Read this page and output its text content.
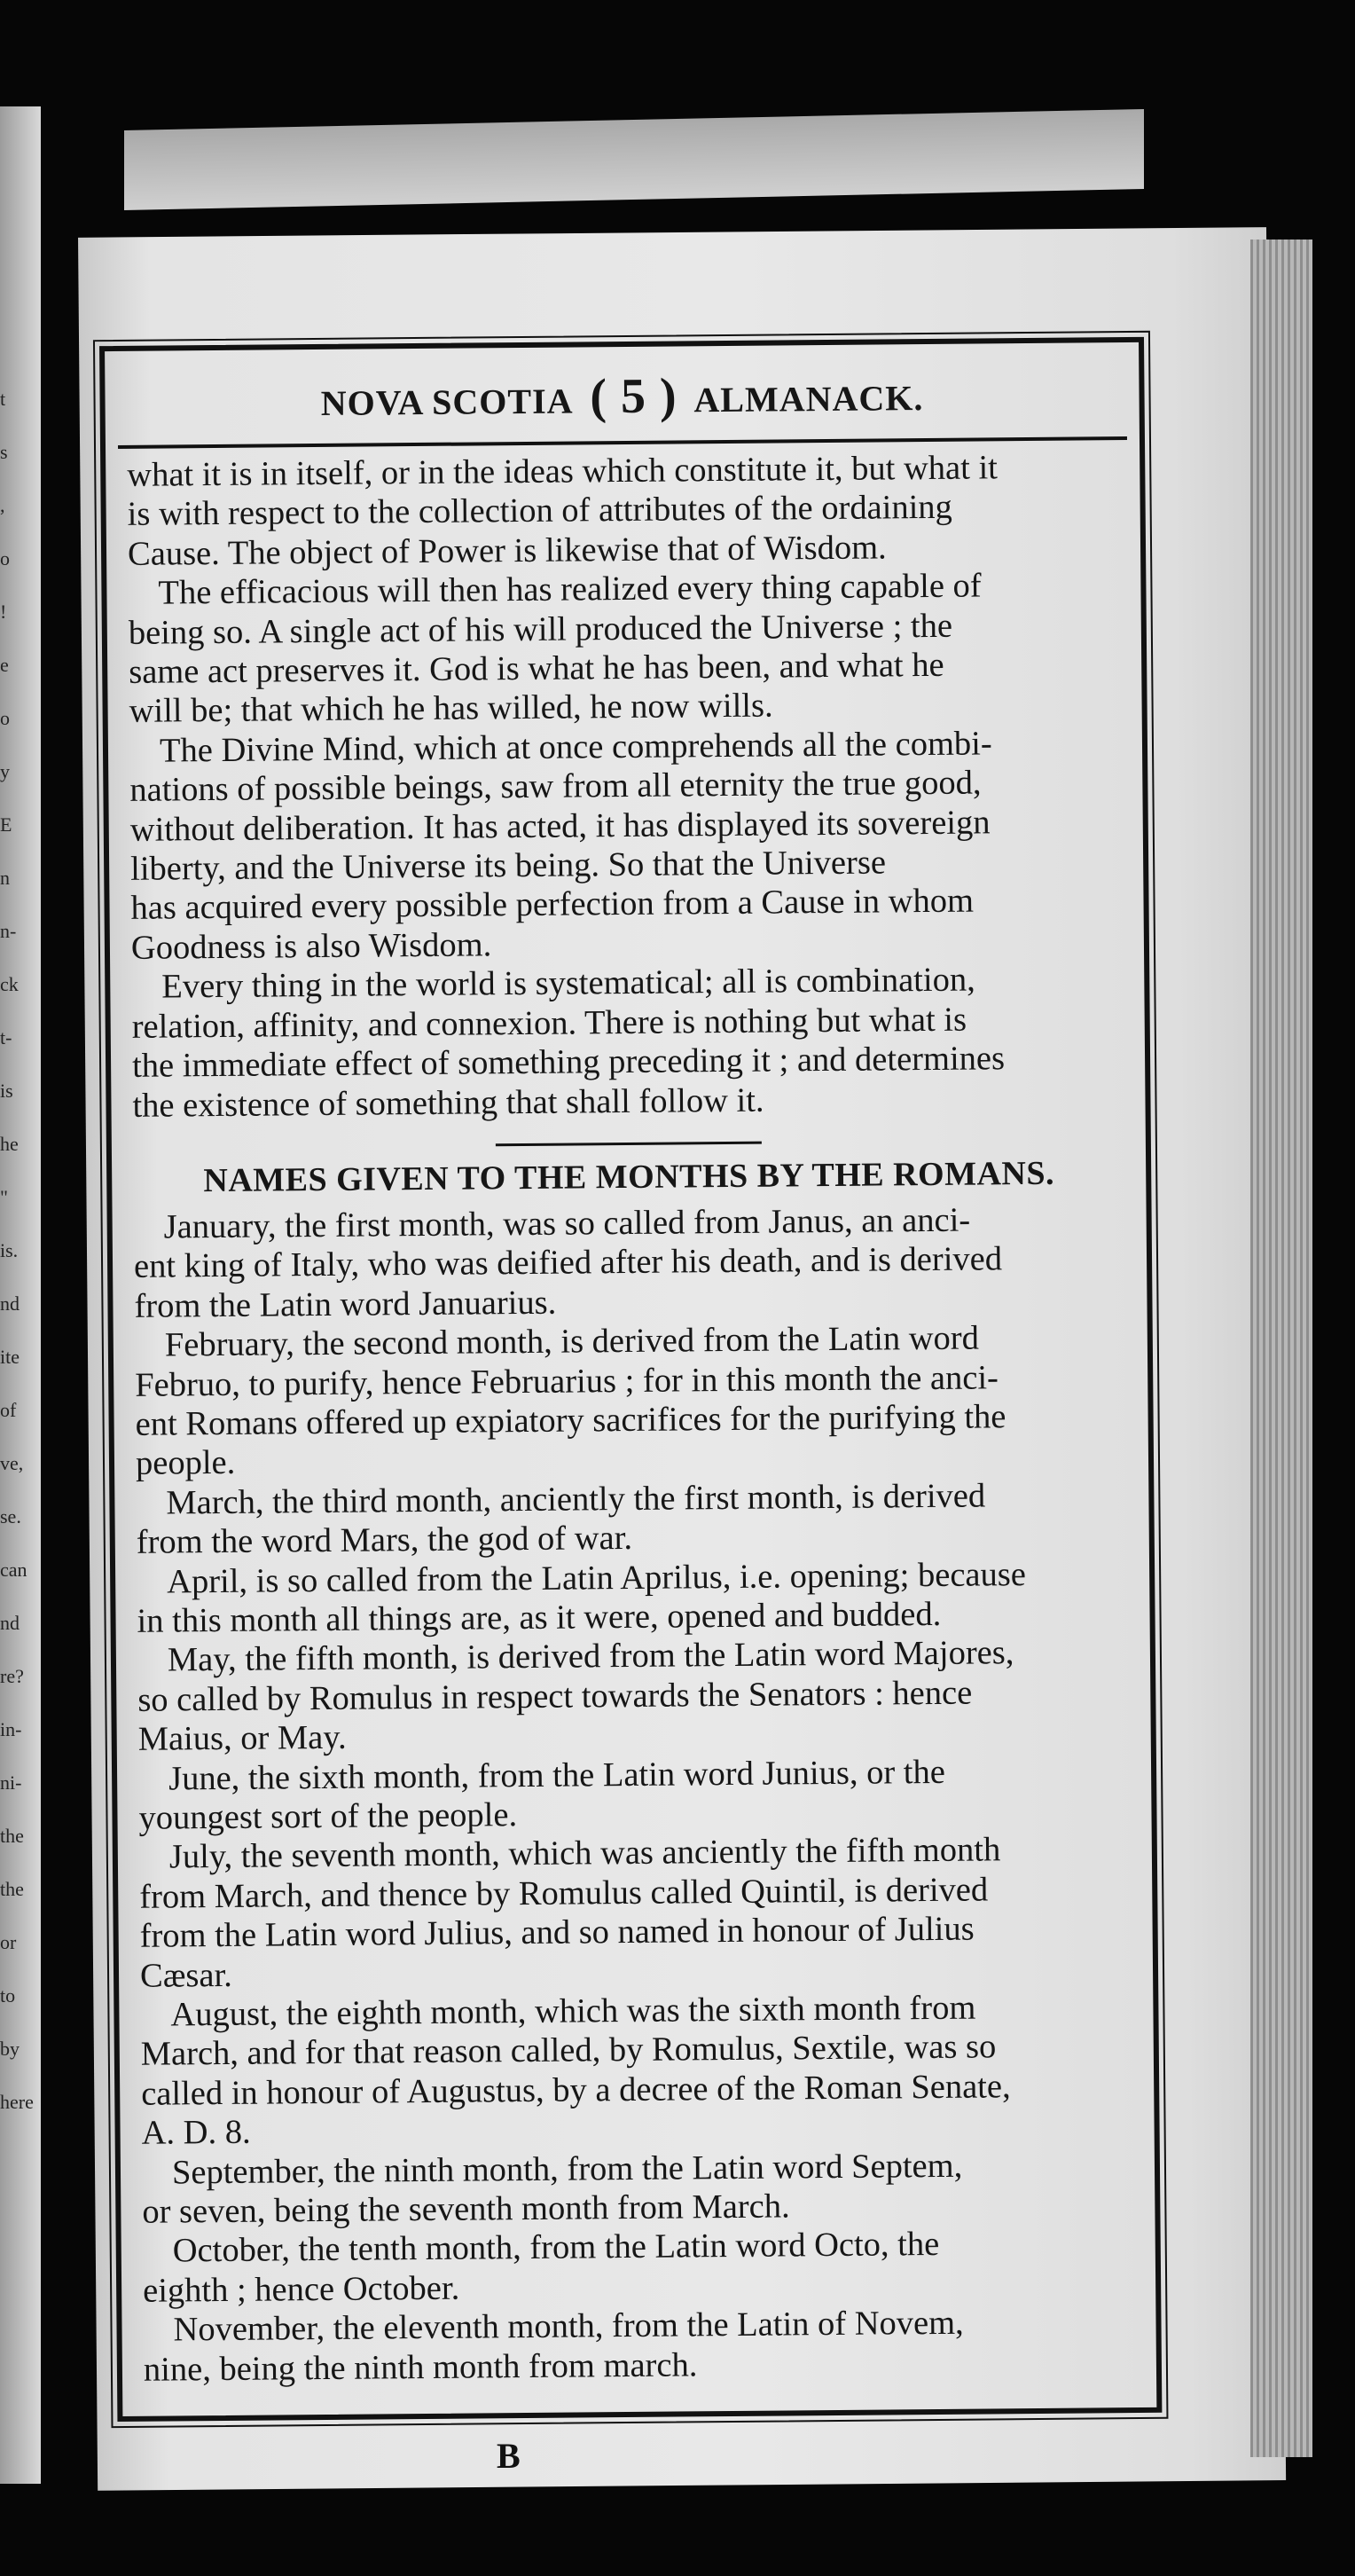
t
s
,
o
!
e
o
y
E
n
n-
ck
t-
is
he
"
is.
nd
ite
of
ve,
se.
can
nd
re?
in-
ni-
the
the
or
to
by
here
NOVA SCOTIA ( 5 ) ALMANACK.
what it is in itself, or in the ideas which constitute it, but what it
is with respect to the collection of attributes of the ordaining
Cause. The object of Power is likewise that of Wisdom.
The efficacious will then has realized every thing capable of
being so. A single act of his will produced the Universe ; the
same act preserves it. God is what he has been, and what he
will be; that which he has willed, he now wills.
The Divine Mind, which at once comprehends all the combi-
nations of possible beings, saw from all eternity the true good,
without deliberation. It has acted, it has displayed its sovereign
liberty, and the Universe its being. So that the Universe
has acquired every possible perfection from a Cause in whom
Goodness is also Wisdom.
Every thing in the world is systematical; all is combination,
relation, affinity, and connexion. There is nothing but what is
the immediate effect of something preceding it ; and determines
the existence of something that shall follow it.
NAMES GIVEN TO THE MONTHS BY THE ROMANS.
January, the first month, was so called from Janus, an anci-
ent king of Italy, who was deified after his death, and is derived
from the Latin word Januarius.
February, the second month, is derived from the Latin word
Februo, to purify, hence Februarius ; for in this month the anci-
ent Romans offered up expiatory sacrifices for the purifying the
people.
March, the third month, anciently the first month, is derived
from the word Mars, the god of war.
April, is so called from the Latin Aprilus, i.e. opening; because
in this month all things are, as it were, opened and budded.
May, the fifth month, is derived from the Latin word Majores,
so called by Romulus in respect towards the Senators : hence
Maius, or May.
June, the sixth month, from the Latin word Junius, or the
youngest sort of the people.
July, the seventh month, which was anciently the fifth month
from March, and thence by Romulus called Quintil, is derived
from the Latin word Julius, and so named in honour of Julius
Cæsar.
August, the eighth month, which was the sixth month from
March, and for that reason called, by Romulus, Sextile, was so
called in honour of Augustus, by a decree of the Roman Senate,
A. D. 8.
September, the ninth month, from the Latin word Septem,
or seven, being the seventh month from March.
October, the tenth month, from the Latin word Octo, the
eighth ; hence October.
November, the eleventh month, from the Latin of Novem,
nine, being the ninth month from march.
B
